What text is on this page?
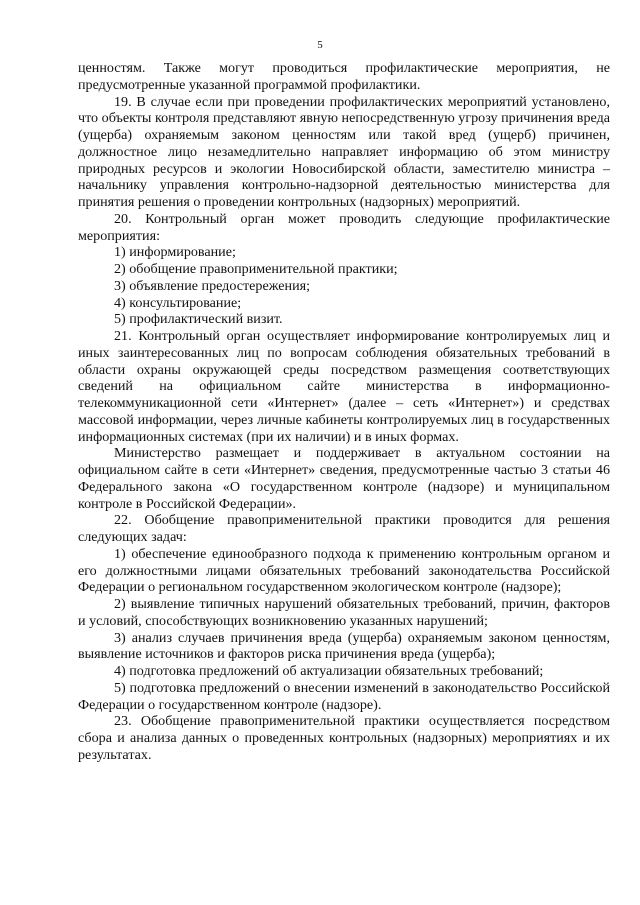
5

ценностям. Также могут проводиться профилактические мероприятия, не предусмотренные указанной программой профилактики.

19. В случае если при проведении профилактических мероприятий установлено, что объекты контроля представляют явную непосредственную угрозу причинения вреда (ущерба) охраняемым законом ценностям или такой вред (ущерб) причинен, должностное лицо незамедлительно направляет информацию об этом министру природных ресурсов и экологии Новосибирской области, заместителю министра – начальнику управления контрольно-надзорной деятельностью министерства для принятия решения о проведении контрольных (надзорных) мероприятий.

20. Контрольный орган может проводить следующие профилактические мероприятия:

1) информирование;

2) обобщение правоприменительной практики;

3) объявление предостережения;

4) консультирование;

5) профилактический визит.

21. Контрольный орган осуществляет информирование контролируемых лиц и иных заинтересованных лиц по вопросам соблюдения обязательных требований в области охраны окружающей среды посредством размещения соответствующих сведений на официальном сайте министерства в информационно-телекоммуникационной сети «Интернет» (далее – сеть «Интернет») и средствах массовой информации, через личные кабинеты контролируемых лиц в государственных информационных системах (при их наличии) и в иных формах.

Министерство размещает и поддерживает в актуальном состоянии на официальном сайте в сети «Интернет» сведения, предусмотренные частью 3 статьи 46 Федерального закона «О государственном контроле (надзоре) и муниципальном контроле в Российской Федерации».

22. Обобщение правоприменительной практики проводится для решения следующих задач:

1) обеспечение единообразного подхода к применению контрольным органом и его должностными лицами обязательных требований законодательства Российской Федерации о региональном государственном экологическом контроле (надзоре);

2) выявление типичных нарушений обязательных требований, причин, факторов и условий, способствующих возникновению указанных нарушений;

3) анализ случаев причинения вреда (ущерба) охраняемым законом ценностям, выявление источников и факторов риска причинения вреда (ущерба);

4) подготовка предложений об актуализации обязательных требований;

5) подготовка предложений о внесении изменений в законодательство Российской Федерации о государственном контроле (надзоре).

23. Обобщение правоприменительной практики осуществляется посредством сбора и анализа данных о проведенных контрольных (надзорных) мероприятиях и их результатах.
